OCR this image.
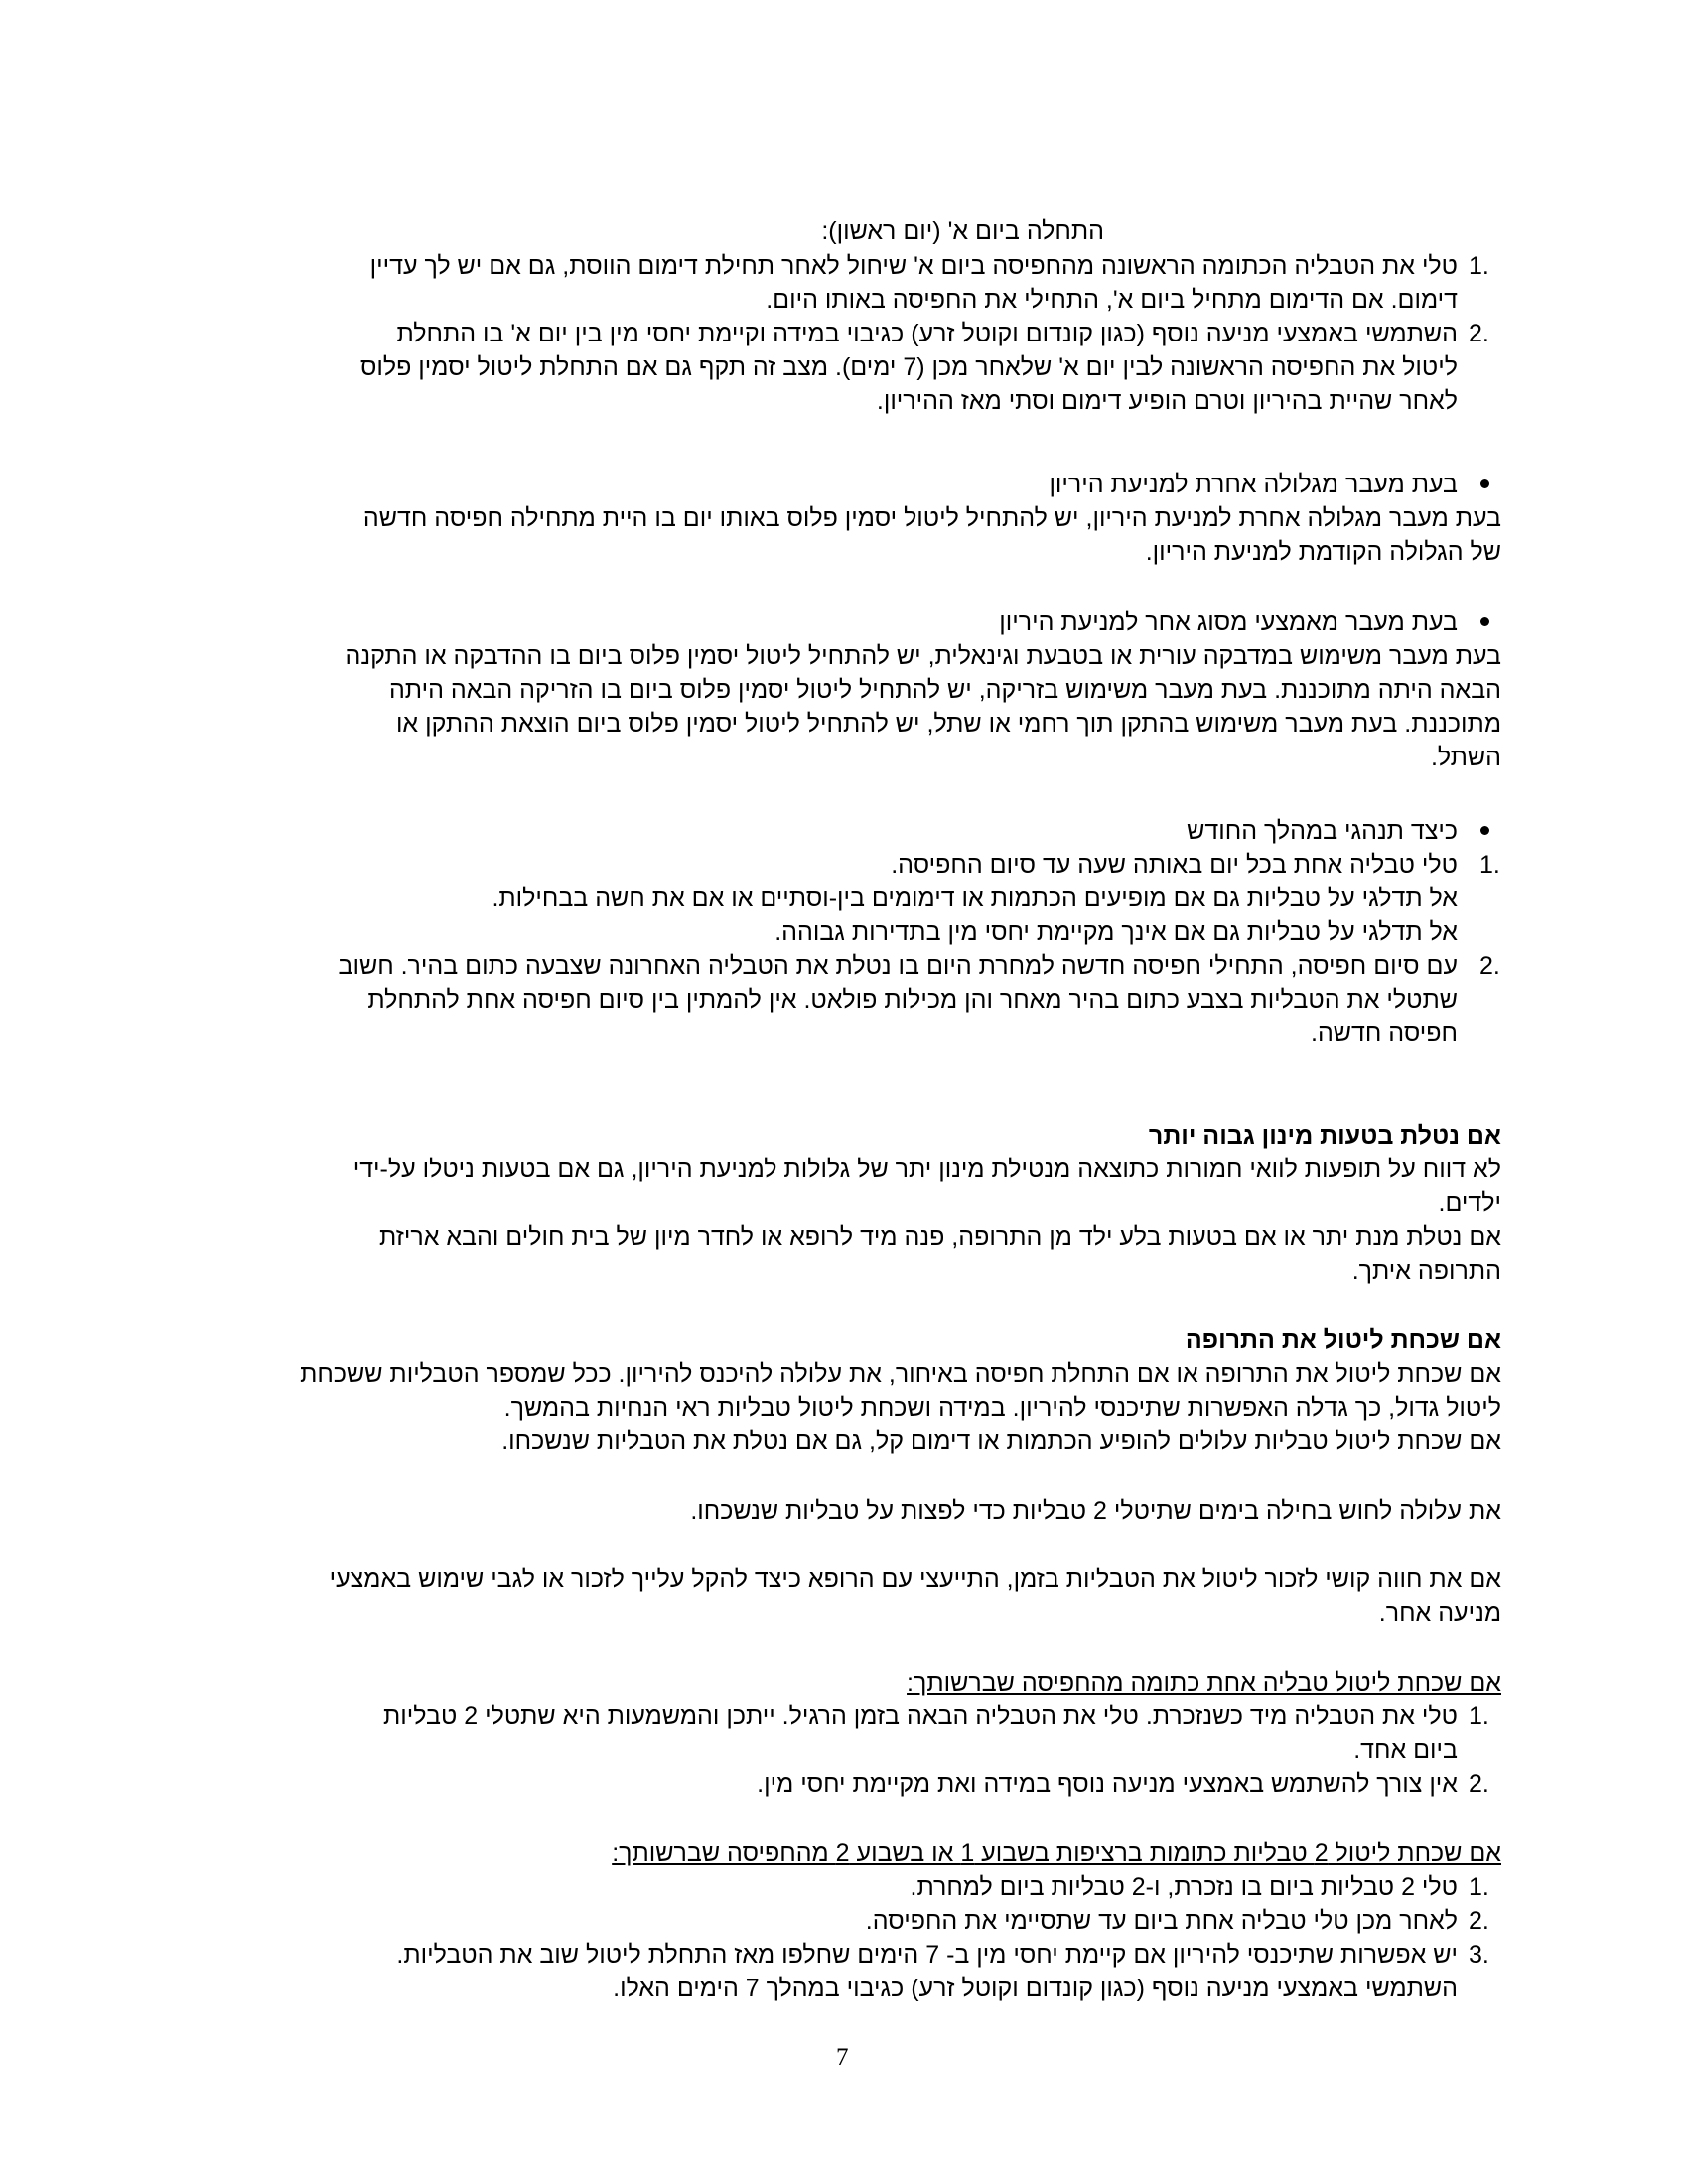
התחלה ביום א' (יום ראשון):
1.
טלי את הטבליה הכתומה הראשונה מהחפיסה ביום א' שיחול לאחר תחילת דימום הווסת, גם אם יש לך עדיין
דימום. אם הדימום מתחיל ביום א', התחילי את החפיסה באותו היום.
2.
השתמשי באמצעי מניעה נוסף (כגון קונדום וקוטל זרע) כגיבוי במידה וקיימת יחסי מין בין יום א' בו התחלת
ליטול את החפיסה הראשונה לבין יום א' שלאחר מכן (7 ימים). מצב זה תקף גם אם התחלת ליטול יסמין פלוס
לאחר שהיית בהיריון וטרם הופיע דימום וסתי מאז ההיריון.
בעת מעבר מגלולה אחרת למניעת היריון
בעת מעבר מגלולה אחרת למניעת היריון, יש להתחיל ליטול יסמין פלוס באותו יום בו היית מתחילה חפיסה חדשה
של הגלולה הקודמת למניעת היריון.
בעת מעבר מאמצעי מסוג אחר למניעת היריון
בעת מעבר משימוש במדבקה עורית או בטבעת וגינאלית, יש להתחיל ליטול יסמין פלוס ביום בו ההדבקה או התקנה
הבאה היתה מתוכננת. בעת מעבר משימוש בזריקה, יש להתחיל ליטול יסמין פלוס ביום בו הזריקה הבאה היתה
מתוכננת. בעת מעבר משימוש בהתקן תוך רחמי או שתל, יש להתחיל ליטול יסמין פלוס ביום הוצאת ההתקן או
השתל.
כיצד תנהגי במהלך החודש
1.
טלי טבליה אחת בכל יום באותה שעה עד סיום החפיסה.
אל תדלגי על טבליות גם אם מופיעים הכתמות או דימומים בין-וסתיים או אם את חשה בבחילות.
אל תדלגי על טבליות גם אם אינך מקיימת יחסי מין בתדירות גבוהה.
2.
עם סיום חפיסה, התחילי חפיסה חדשה למחרת היום בו נטלת את הטבליה האחרונה שצבעה כתום בהיר. חשוב
שתטלי את הטבליות בצבע כתום בהיר מאחר והן מכילות פולאט. אין להמתין בין סיום חפיסה אחת להתחלת
חפיסה חדשה.
אם נטלת בטעות מינון גבוה יותר
לא דווח על תופעות לוואי חמורות כתוצאה מנטילת מינון יתר של גלולות למניעת היריון, גם אם בטעות ניטלו על-ידי
ילדים.
אם נטלת מנת יתר או אם בטעות בלע ילד מן התרופה, פנה מיד לרופא או לחדר מיון של בית חולים והבא אריזת
התרופה איתך.
אם שכחת ליטול את התרופה
אם שכחת ליטול את התרופה או אם התחלת חפיסה באיחור, את עלולה להיכנס להיריון. ככל שמספר הטבליות ששכחת
ליטול גדול, כך גדלה האפשרות שתיכנסי להיריון. במידה ושכחת ליטול טבליות ראי הנחיות בהמשך.
אם שכחת ליטול טבליות עלולים להופיע הכתמות או דימום קל, גם אם נטלת את הטבליות שנשכחו.
את עלולה לחוש בחילה בימים שתיטלי 2 טבליות כדי לפצות על טבליות שנשכחו.
אם את חווה קושי לזכור ליטול את הטבליות בזמן, התייעצי עם הרופא כיצד להקל עלייך לזכור או לגבי שימוש באמצעי
מניעה אחר.
אם שכחת ליטול טבליה אחת כתומה מהחפיסה שברשותך:
1.
טלי את הטבליה מיד כשנזכרת. טלי את הטבליה הבאה בזמן הרגיל. ייתכן והמשמעות היא שתטלי 2 טבליות
ביום אחד.
2.
אין צורך להשתמש באמצעי מניעה נוסף במידה ואת מקיימת יחסי מין.
אם שכחת ליטול 2 טבליות כתומות ברציפות בשבוע 1 או בשבוע 2 מהחפיסה שברשותך:
1.
טלי 2 טבליות ביום בו נזכרת, ו-2 טבליות ביום למחרת.
2.
לאחר מכן טלי טבליה אחת ביום עד שתסיימי את החפיסה.
3.
יש אפשרות שתיכנסי להיריון אם קיימת יחסי מין ב- 7 הימים שחלפו מאז התחלת ליטול שוב את הטבליות.
השתמשי באמצעי מניעה נוסף (כגון קונדום וקוטל זרע) כגיבוי במהלך 7 הימים האלו.
7
